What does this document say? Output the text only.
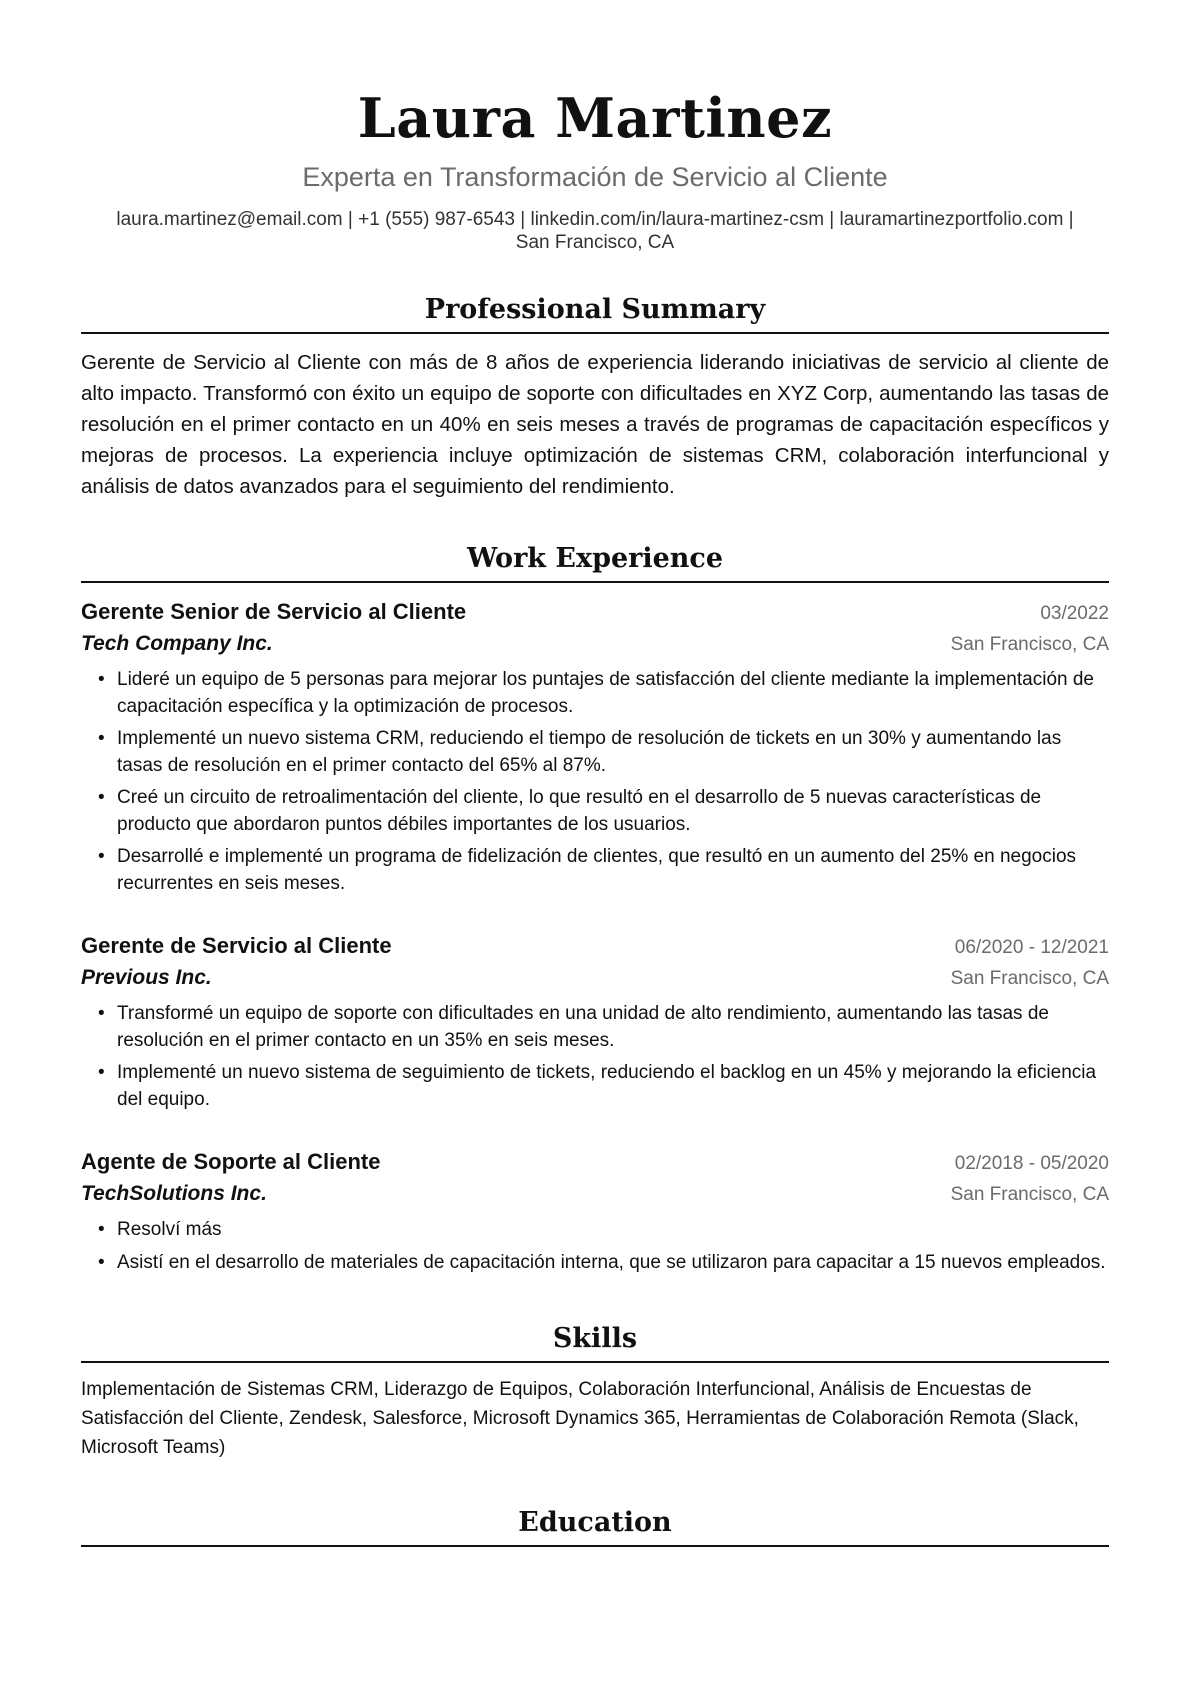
Laura Martinez
Experta en Transformación de Servicio al Cliente
laura.martinez@email.com | +1 (555) 987-6543 | linkedin.com/in/laura-martinez-csm | lauramartinezportfolio.com |
San Francisco, CA
Professional Summary
Gerente de Servicio al Cliente con más de 8 años de experiencia liderando iniciativas de servicio al cliente de alto impacto. Transformó con éxito un equipo de soporte con dificultades en XYZ Corp, aumentando las tasas de resolución en el primer contacto en un 40% en seis meses a través de programas de capacitación específicos y mejoras de procesos. La experiencia incluye optimización de sistemas CRM, colaboración interfuncional y análisis de datos avanzados para el seguimiento del rendimiento.
Work Experience
Gerente Senior de Servicio al Cliente	03/2022
Tech Company Inc.	San Francisco, CA
• Lideré un equipo de 5 personas para mejorar los puntajes de satisfacción del cliente mediante la implementación de capacitación específica y la optimización de procesos.
• Implementé un nuevo sistema CRM, reduciendo el tiempo de resolución de tickets en un 30% y aumentando las tasas de resolución en el primer contacto del 65% al 87%.
• Creé un circuito de retroalimentación del cliente, lo que resultó en el desarrollo de 5 nuevas características de producto que abordaron puntos débiles importantes de los usuarios.
• Desarrollé e implementé un programa de fidelización de clientes, que resultó en un aumento del 25% en negocios recurrentes en seis meses.
Gerente de Servicio al Cliente	06/2020 - 12/2021
Previous Inc.	San Francisco, CA
• Transformé un equipo de soporte con dificultades en una unidad de alto rendimiento, aumentando las tasas de resolución en el primer contacto en un 35% en seis meses.
• Implementé un nuevo sistema de seguimiento de tickets, reduciendo el backlog en un 45% y mejorando la eficiencia del equipo.
Agente de Soporte al Cliente	02/2018 - 05/2020
TechSolutions Inc.	San Francisco, CA
• Resolví más
• Asistí en el desarrollo de materiales de capacitación interna, que se utilizaron para capacitar a 15 nuevos empleados.
Skills
Implementación de Sistemas CRM, Liderazgo de Equipos, Colaboración Interfuncional, Análisis de Encuestas de Satisfacción del Cliente, Zendesk, Salesforce, Microsoft Dynamics 365, Herramientas de Colaboración Remota (Slack, Microsoft Teams)
Education
